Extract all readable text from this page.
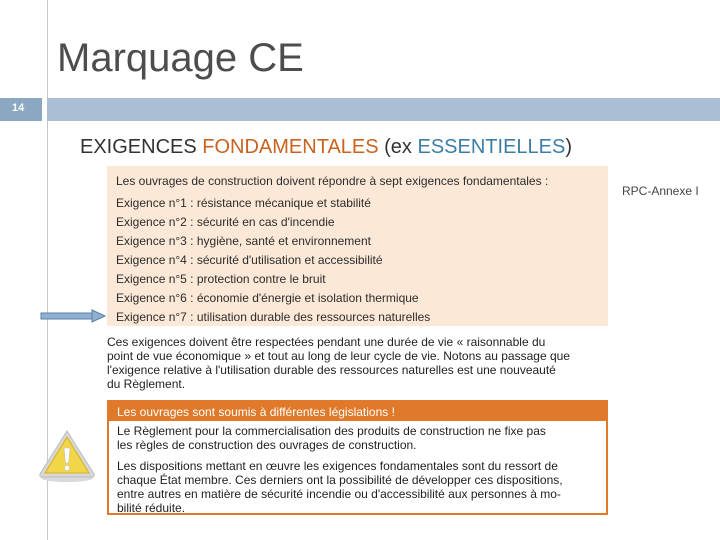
Marquage CE
14
EXIGENCES FONDAMENTALES (ex ESSENTIELLES)
RPC-Annexe I
Les ouvrages de construction doivent répondre à sept exigences fondamentales :
Exigence n°1 : résistance mécanique et stabilité
Exigence n°2 : sécurité en cas d'incendie
Exigence n°3 : hygiène, santé et environnement
Exigence n°4 : sécurité d'utilisation et accessibilité
Exigence n°5 : protection contre le bruit
Exigence n°6 : économie d'énergie et isolation thermique
Exigence n°7 : utilisation durable des ressources naturelles
Ces exigences doivent être respectées pendant une durée de vie « raisonnable du
point de vue économique » et tout au long de leur cycle de vie. Notons au passage que
l'exigence relative à l'utilisation durable des ressources naturelles est une nouveauté
du Règlement.
Les ouvrages sont soumis à différentes législations !
Le Règlement pour la commercialisation des produits de construction ne fixe pas
les règles de construction des ouvrages de construction.
Les dispositions mettant en œuvre les exigences fondamentales sont du ressort de
chaque État membre. Ces derniers ont la possibilité de développer ces dispositions,
entre autres en matière de sécurité incendie ou d'accessibilité aux personnes à mo-
bilité réduite.
